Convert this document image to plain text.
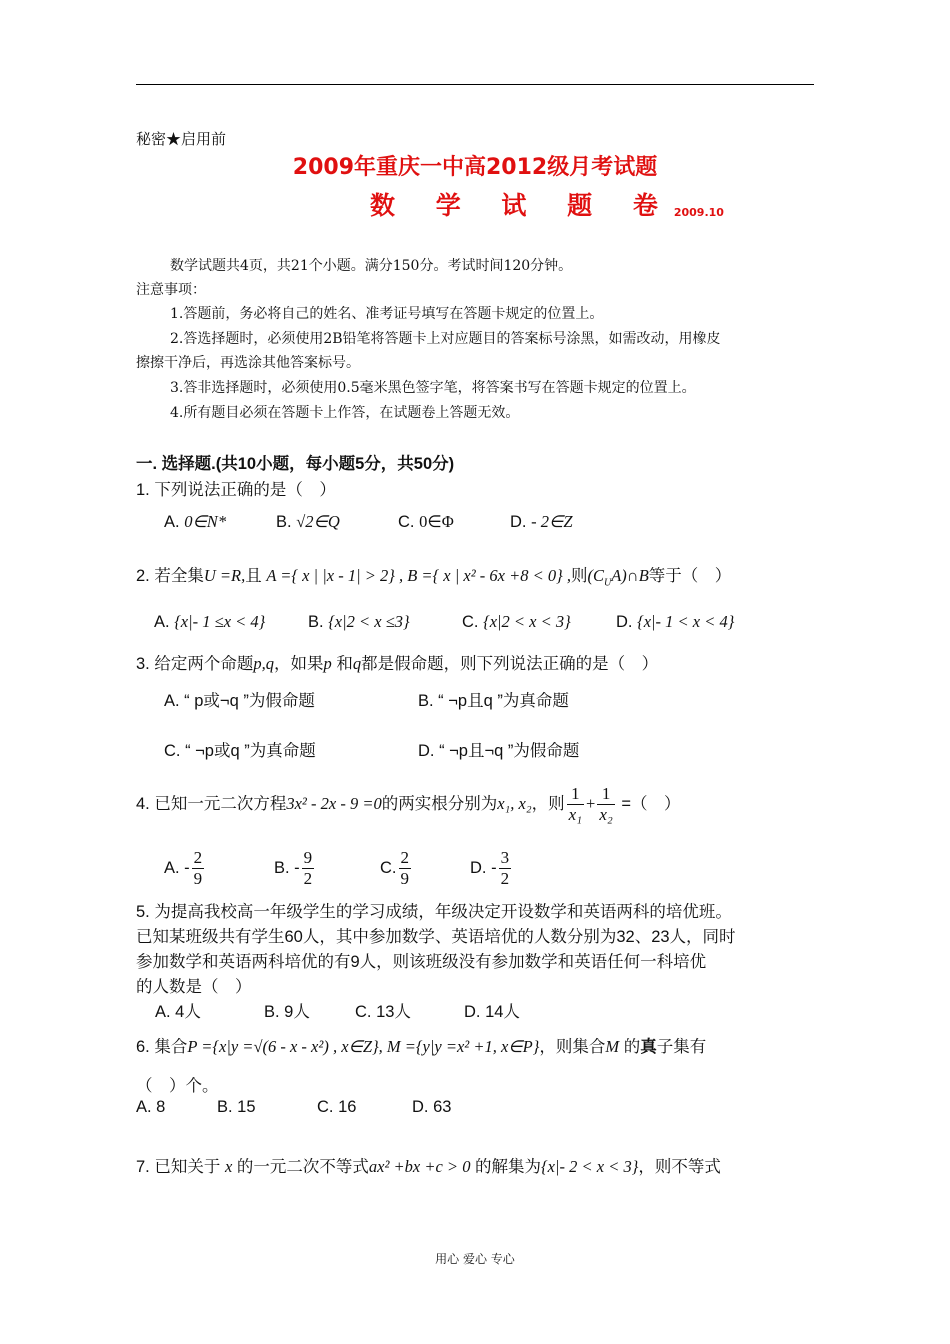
秘密★启用前
2009年重庆一中高2012级月考试题
数 学 试 题 卷2009.10
数学试题共4页，共21个小题。满分150分。考试时间120分钟。
注意事项：
1.答题前，务必将自己的姓名、准考证号填写在答题卡规定的位置上。
2.答选择题时，必须使用2B铅笔将答题卡上对应题目的答案标号涂黑，如需改动，用橡皮
擦擦干净后，再选涂其他答案标号。
3.答非选择题时，必须使用0.5毫米黑色签字笔，将答案书写在答题卡规定的位置上。
4.所有题目必须在答题卡上作答，在试题卷上答题无效。
一. 选择题.(共10小题，每小题5分，共50分)
1. 下列说法正确的是（　）
A. 0∈N*	B. √2∈Q	C. 0∈Φ	D. - 2∈Z
2. 若全集U =R,且 A ={ x | |x - 1| > 2} , B ={ x | x² - 6x +8 < 0} ,则$(C_UA)\cap B$等于（　）
A. {x|- 1 ≤x < 4}	B. {x|2 < x ≤3}	C. {x|2 < x < 3}	D. {x|- 1 < x < 4}
3. 给定两个命题p,q，如果p 和q都是假命题，则下列说法正确的是（　）
A. “ p或¬q ”为假命题	B. “ ¬p且q ”为真命题
C. “ ¬p或q ”为真命题	D. “ ¬p且¬q ”为假命题
4. 已知一元二次方程3x² - 2x - 9 =0的两实根分别为x₁, x₂，则 $\frac{1}{\text{x₁}} + \frac{1}{\text{x₂}}$ =（　）
A. - $\frac{2}{9}$	B. - $\frac{9}{2}$	C. $\frac{2}{9}$	D. - $\frac{3}{2}$
5. 为提高我校高一年级学生的学习成绩，年级决定开设数学和英语两科的培优班。
已知某班级共有学生60人，其中参加数学、英语培优的人数分别为32、23人，同时
参加数学和英语两科培优的有9人，则该班级没有参加数学和英语任何一科培优
的人数是（　）
A. 4人	B. 9人	C. 13人	D. 14人
6. 集合P ={x|y =√(6 - x - x²) , x∈Z}, M ={y|y =x² +1, x∈P}，则集合M 的真子集有
（　）个。
A. 8	B. 15	C. 16	D. 63
7. 已知关于 x 的一元二次不等式ax² +bx +c > 0 的解集为{x|- 2 < x < 3}，则不等式
用心 爱心 专心
